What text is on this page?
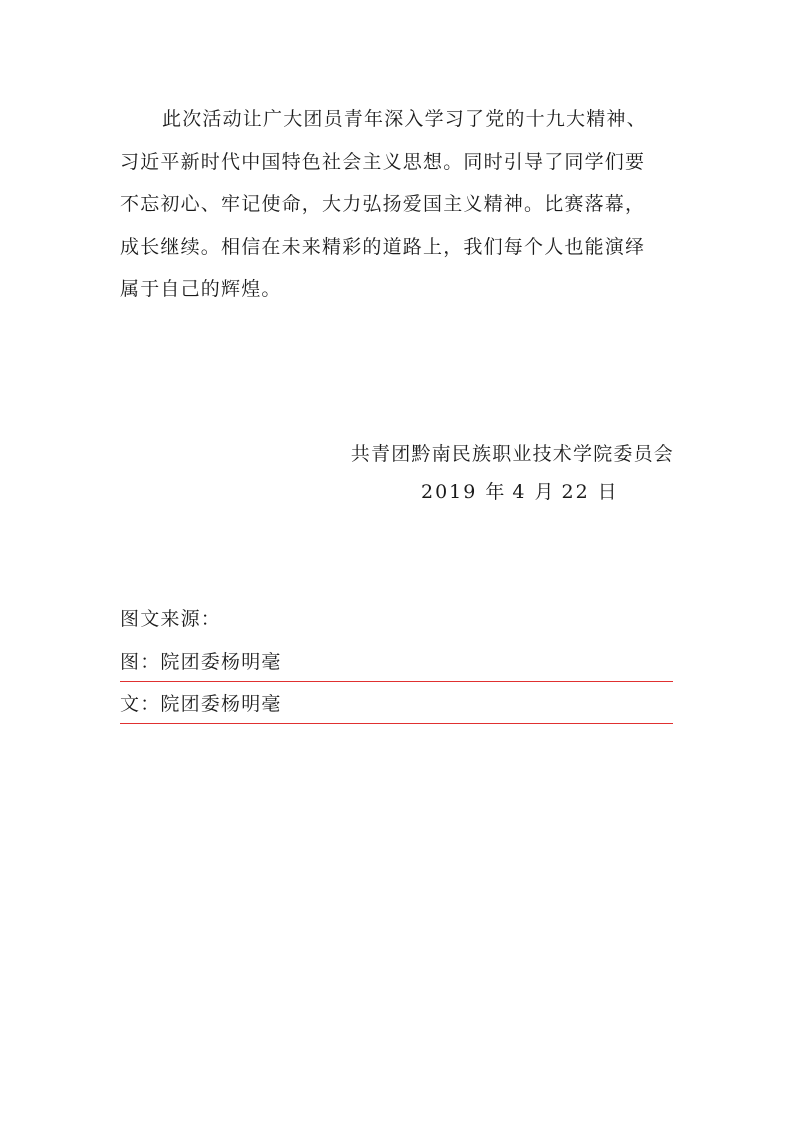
此次活动让广大团员青年深入学习了党的十九大精神、
习近平新时代中国特色社会主义思想。同时引导了同学们要
不忘初心、牢记使命，大力弘扬爱国主义精神。比赛落幕，
成长继续。相信在未来精彩的道路上，我们每个人也能演绎
属于自己的辉煌。

共青团黔南民族职业技术学院委员会
2019 年 4 月 22 日
图文来源：
图：院团委杨明毫
文：院团委杨明毫
